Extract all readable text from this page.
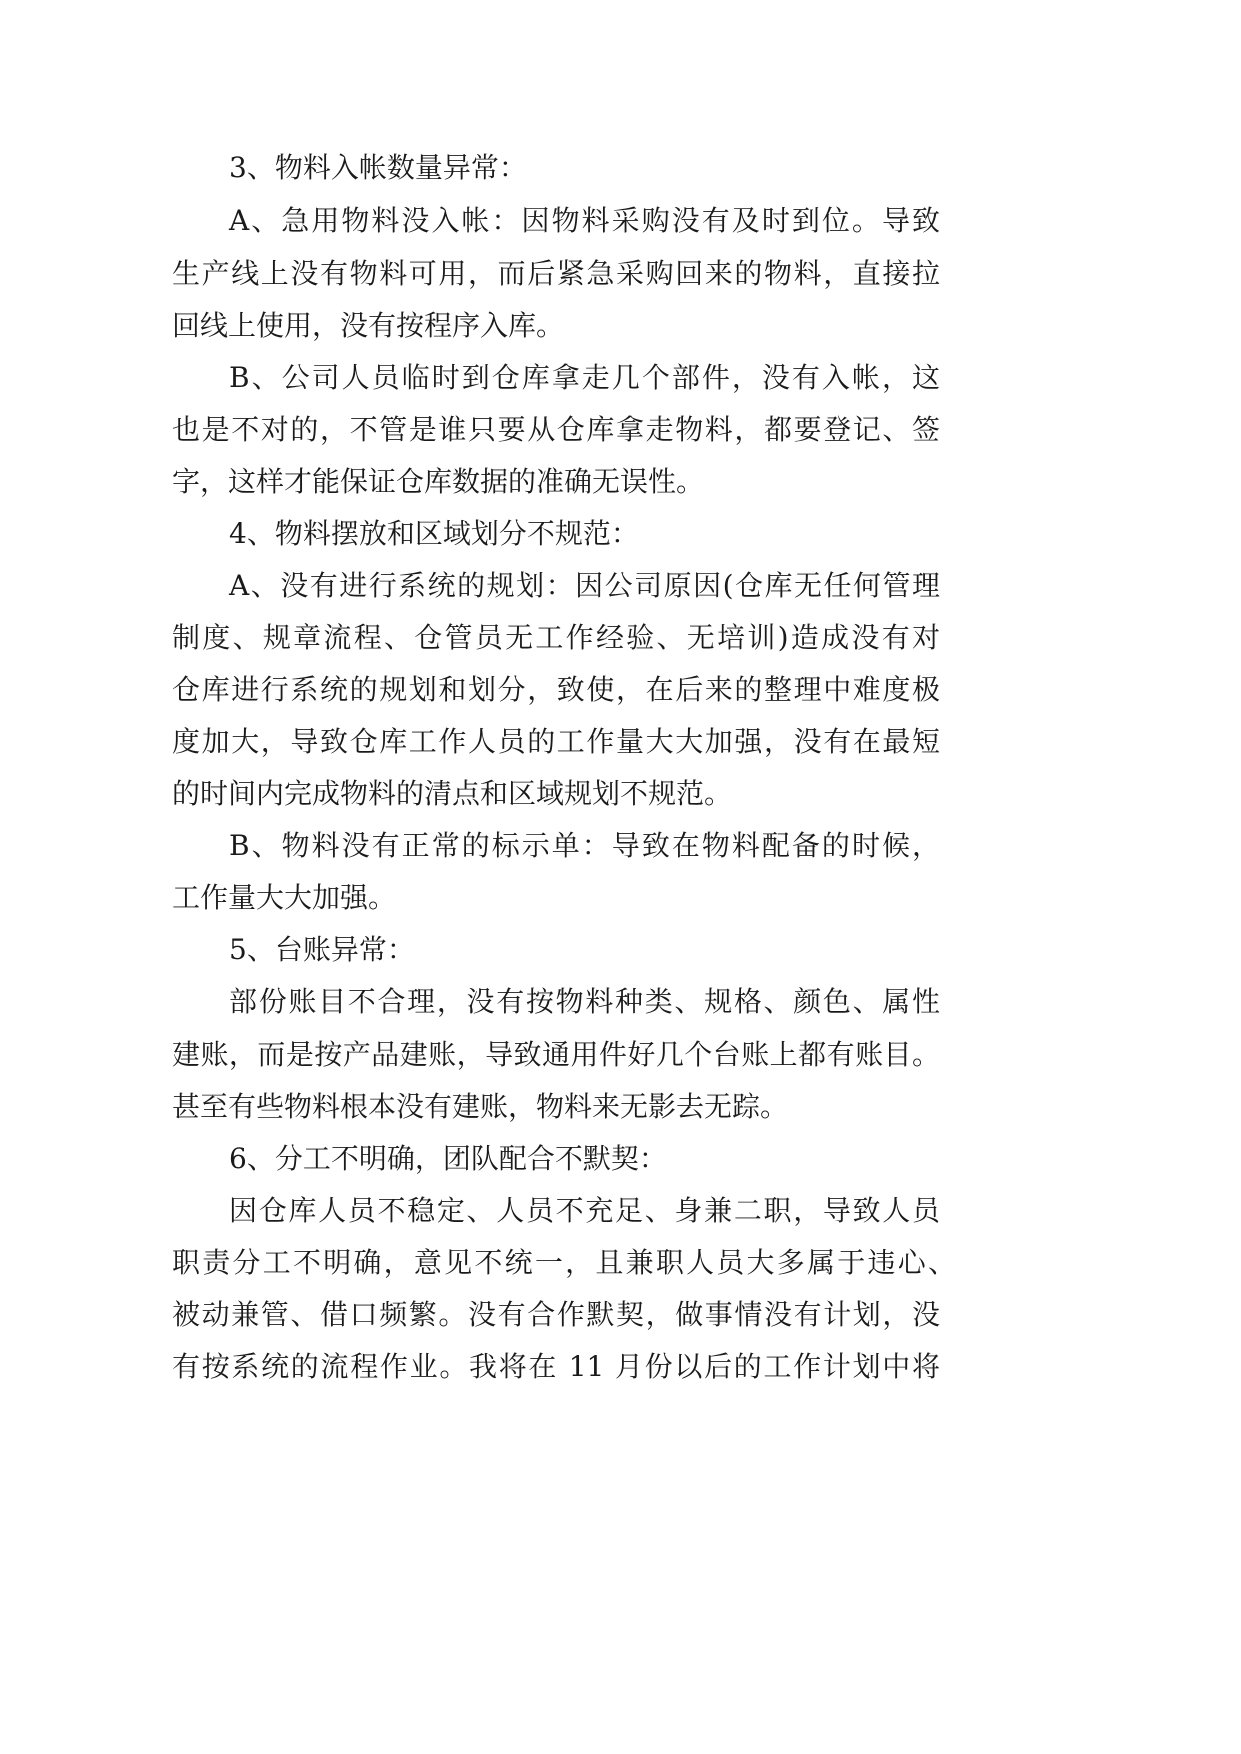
3、物料入帐数量异常：
A、急用物料没入帐：因物料采购没有及时到位。导致
生产线上没有物料可用，而后紧急采购回来的物料，直接拉
回线上使用，没有按程序入库。
B、公司人员临时到仓库拿走几个部件，没有入帐，这
也是不对的，不管是谁只要从仓库拿走物料，都要登记、签
字，这样才能保证仓库数据的准确无误性。
4、物料摆放和区域划分不规范：
A、没有进行系统的规划：因公司原因(仓库无任何管理
制度、规章流程、仓管员无工作经验、无培训)造成没有对
仓库进行系统的规划和划分，致使，在后来的整理中难度极
度加大，导致仓库工作人员的工作量大大加强，没有在最短
的时间内完成物料的清点和区域规划不规范。
B、物料没有正常的标示单：导致在物料配备的时候，
工作量大大加强。
5、台账异常：
部份账目不合理，没有按物料种类、规格、颜色、属性
建账，而是按产品建账，导致通用件好几个台账上都有账目。
甚至有些物料根本没有建账，物料来无影去无踪。
6、分工不明确，团队配合不默契：
因仓库人员不稳定、人员不充足、身兼二职，导致人员
职责分工不明确，意见不统一，且兼职人员大多属于违心、
被动兼管、借口频繁。没有合作默契，做事情没有计划，没
有按系统的流程作业。我将在 11 月份以后的工作计划中将
